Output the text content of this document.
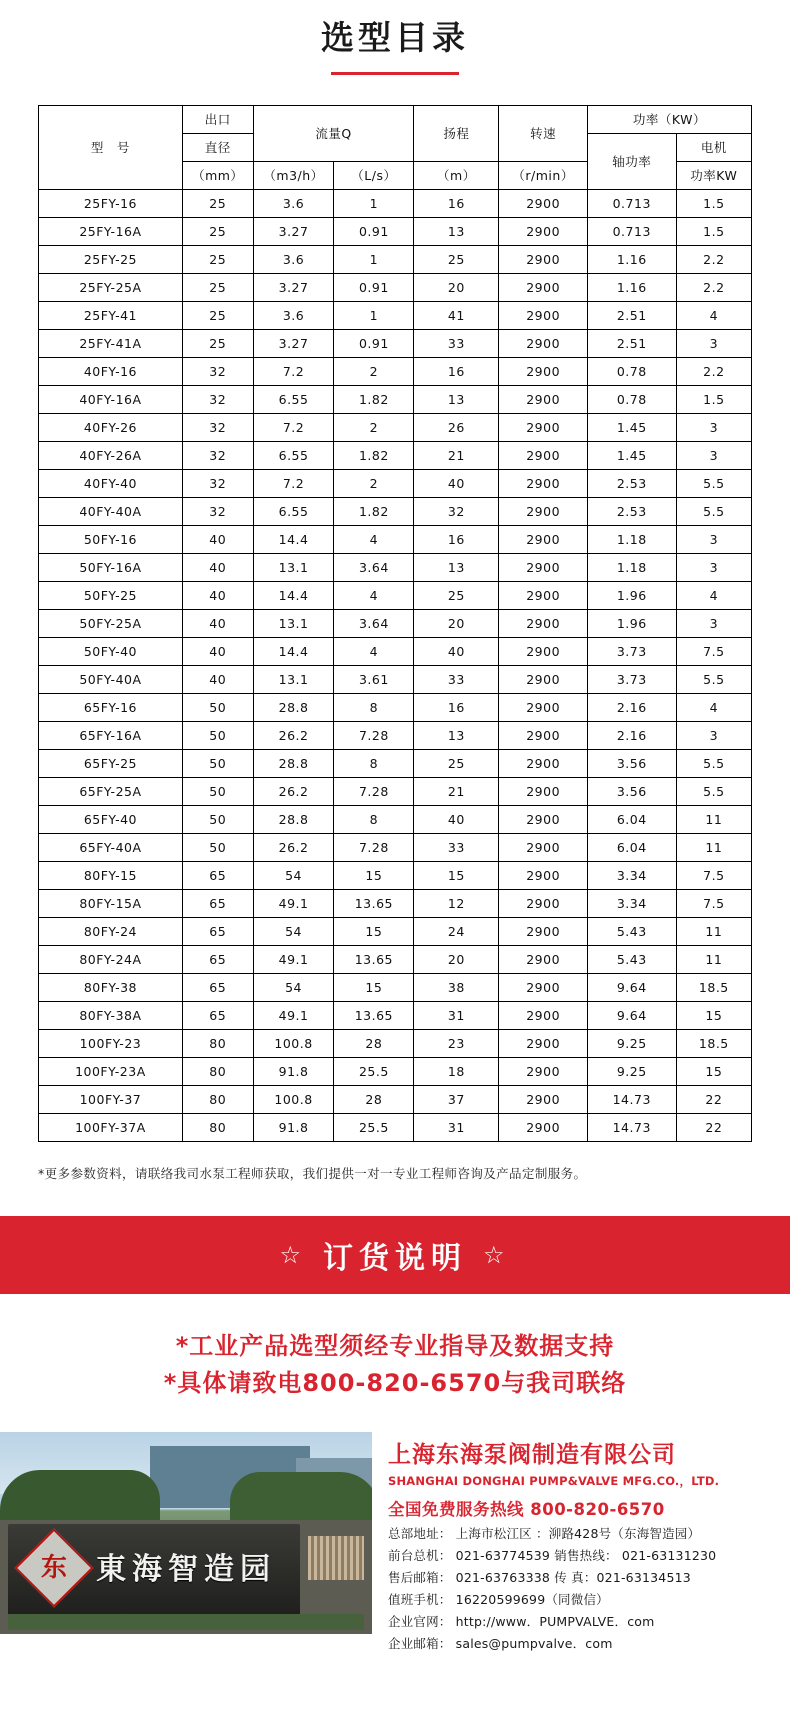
选型目录
型　号	出口	流量Q		扬程	转速	功率（KW）	
	直径					轴功率	电机
	（mm）	（m3/h）	（L/s）	（m）	（r/min）		功率KW
25FY-16	25	3.6	1	16	2900	0.713	1.5
25FY-16A	25	3.27	0.91	13	2900	0.713	1.5
25FY-25	25	3.6	1	25	2900	1.16	2.2
25FY-25A	25	3.27	0.91	20	2900	1.16	2.2
25FY-41	25	3.6	1	41	2900	2.51	4
25FY-41A	25	3.27	0.91	33	2900	2.51	3
40FY-16	32	7.2	2	16	2900	0.78	2.2
40FY-16A	32	6.55	1.82	13	2900	0.78	1.5
40FY-26	32	7.2	2	26	2900	1.45	3
40FY-26A	32	6.55	1.82	21	2900	1.45	3
40FY-40	32	7.2	2	40	2900	2.53	5.5
40FY-40A	32	6.55	1.82	32	2900	2.53	5.5
50FY-16	40	14.4	4	16	2900	1.18	3
50FY-16A	40	13.1	3.64	13	2900	1.18	3
50FY-25	40	14.4	4	25	2900	1.96	4
50FY-25A	40	13.1	3.64	20	2900	1.96	3
50FY-40	40	14.4	4	40	2900	3.73	7.5
50FY-40A	40	13.1	3.61	33	2900	3.73	5.5
65FY-16	50	28.8	8	16	2900	2.16	4
65FY-16A	50	26.2	7.28	13	2900	2.16	3
65FY-25	50	28.8	8	25	2900	3.56	5.5
65FY-25A	50	26.2	7.28	21	2900	3.56	5.5
65FY-40	50	28.8	8	40	2900	6.04	11
65FY-40A	50	26.2	7.28	33	2900	6.04	11
80FY-15	65	54	15	15	2900	3.34	7.5
80FY-15A	65	49.1	13.65	12	2900	3.34	7.5
80FY-24	65	54	15	24	2900	5.43	11
80FY-24A	65	49.1	13.65	20	2900	5.43	11
80FY-38	65	54	15	38	2900	9.64	18.5
80FY-38A	65	49.1	13.65	31	2900	9.64	15
100FY-23	80	100.8	28	23	2900	9.25	18.5
100FY-23A	80	91.8	25.5	18	2900	9.25	15
100FY-37	80	100.8	28	37	2900	14.73	22
100FY-37A	80	91.8	25.5	31	2900	14.73	22
*更多参数资料，请联络我司水泵工程师获取，我们提供一对一专业工程师咨询及产品定制服务。
☆ 订货说明 ☆
*工业产品选型须经专业指导及数据支持
*具体请致电800-820-6570与我司联络
东 東海智造园
上海东海泵阀制造有限公司
SHANGHAI DONGHAI PUMP&VALVE MFG.CO.，LTD.
全国免费服务热线 800-820-6570
总部地址： 上海市松江区 ：泖路428号（东海智造园）
前台总机： 021-63774539 销售热线： 021-63131230
售后邮箱： 021-63763338 传 真：021-63134513
值班手机： 16220599699（同微信）
企业官网： http://www．PUMPVALVE．com
企业邮箱： sales@pumpvalve．com
